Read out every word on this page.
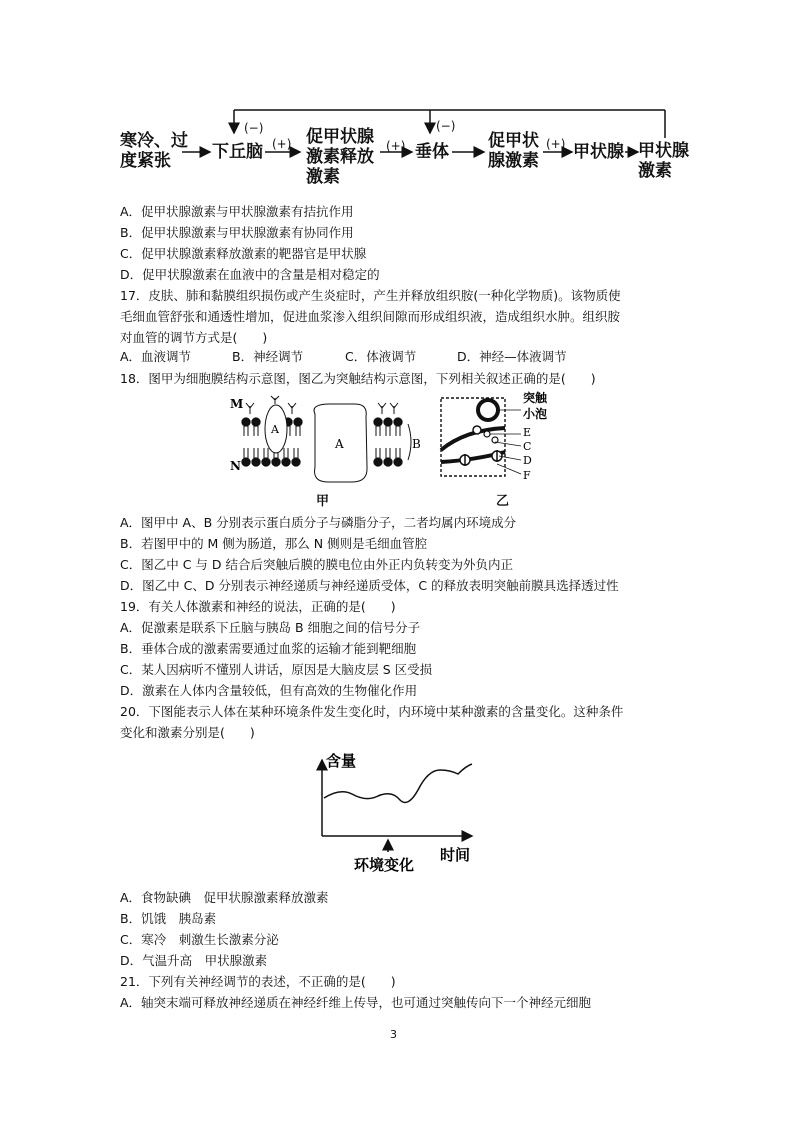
寒冷、过
度紧张 下丘脑
促甲状腺
激素释放
激素
垂体
促甲状
腺激素 甲状腺 甲状腺
激素
(−)	(−)
(+)	(+)	(+)
A．促甲状腺激素与甲状腺激素有拮抗作用
B．促甲状腺激素与甲状腺激素有协同作用
C．促甲状腺激素释放激素的靶器官是甲状腺
D．促甲状腺激素在血液中的含量是相对稳定的
17．皮肤、肺和黏膜组织损伤或产生炎症时，产生并释放组织胺(一种化学物质)。该物质使
毛细血管舒张和通透性增加，促进血浆渗入组织间隙而形成组织液，造成组织水肿。组织胺
对血管的调节方式是(　　)
A．血液调节	B．神经调节	C．体液调节	D．神经—体液调节
18．图甲为细胞膜结构示意图，图乙为突触结构示意图，下列相关叙述正确的是(　　)
M
N
A
A	B
甲
突触
小泡
E
C
D
F
乙
A．图甲中 A、B 分别表示蛋白质分子与磷脂分子，二者均属内环境成分
B．若图甲中的 M 侧为肠道，那么 N 侧则是毛细血管腔
C．图乙中 C 与 D 结合后突触后膜的膜电位由外正内负转变为外负内正
D．图乙中 C、D 分别表示神经递质与神经递质受体，C 的释放表明突触前膜具选择透过性
19．有关人体激素和神经的说法，正确的是(　　)
A．促激素是联系下丘脑与胰岛 B 细胞之间的信号分子
B．垂体合成的激素需要通过血浆的运输才能到靶细胞
C．某人因病听不懂别人讲话，原因是大脑皮层 S 区受损
D．激素在人体内含量较低，但有高效的生物催化作用
20．下图能表示人体在某种环境条件发生变化时，内环境中某种激素的含量变化。这种条件
变化和激素分别是(　　)
含量
时间
环境变化
A．食物缺碘　促甲状腺激素释放激素
B．饥饿　胰岛素
C．寒冷　刺激生长激素分泌
D．气温升高　甲状腺激素
21．下列有关神经调节的表述，不正确的是(　　)
A．轴突末端可释放神经递质在神经纤维上传导，也可通过突触传向下一个神经元细胞
3
